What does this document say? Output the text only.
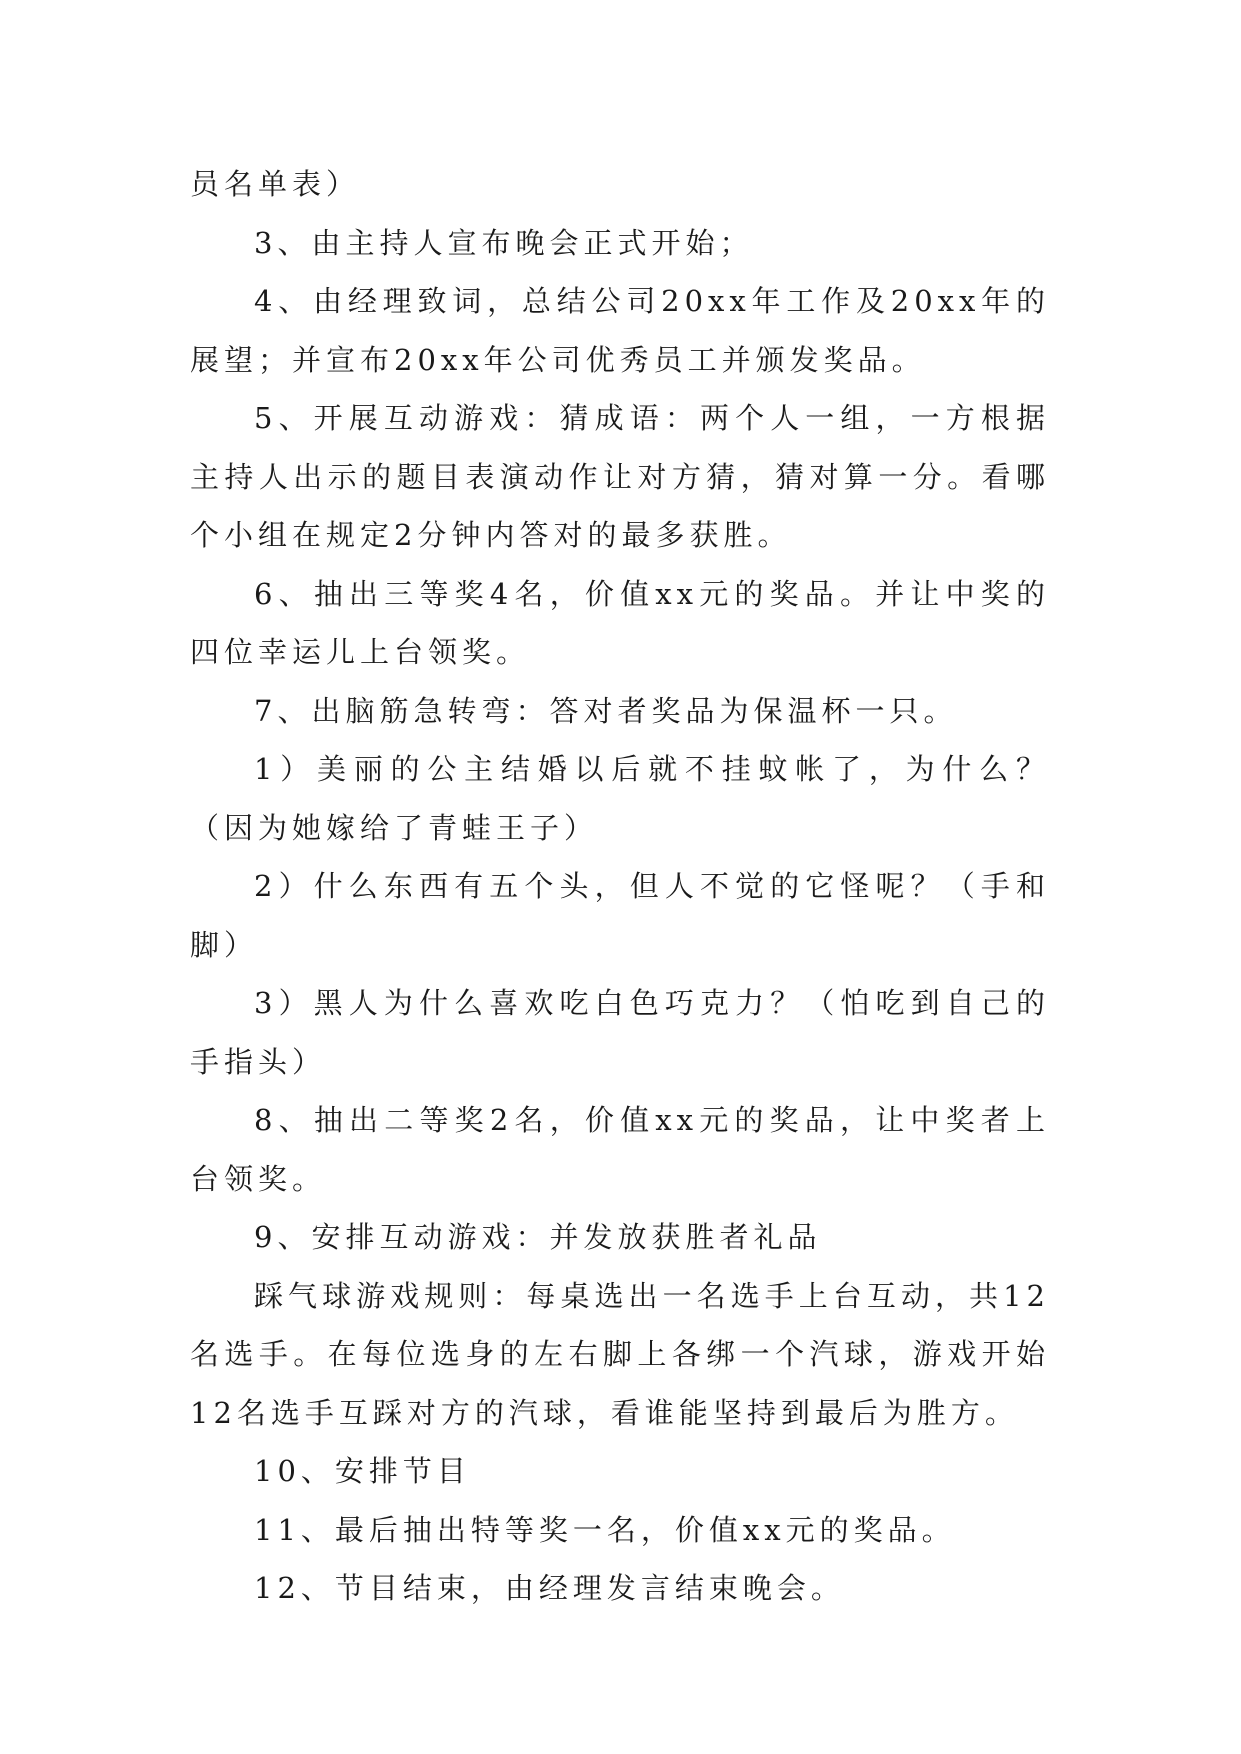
员名单表）

3、由主持人宣布晚会正式开始；

4、由经理致词，总结公司20xx年工作及20xx年的展望；并宣布20xx年公司优秀员工并颁发奖品。

5、开展互动游戏：猜成语：两个人一组，一方根据主持人出示的题目表演动作让对方猜，猜对算一分。看哪个小组在规定2分钟内答对的最多获胜。

6、抽出三等奖4名，价值xx元的奖品。并让中奖的四位幸运儿上台领奖。

7、出脑筋急转弯：答对者奖品为保温杯一只。

1）美丽的公主结婚以后就不挂蚊帐了，为什么？（因为她嫁给了青蛙王子）

2）什么东西有五个头，但人不觉的它怪呢？（手和脚）

3）黑人为什么喜欢吃白色巧克力？（怕吃到自己的手指头）

8、抽出二等奖2名，价值xx元的奖品，让中奖者上台领奖。

9、安排互动游戏：并发放获胜者礼品

踩气球游戏规则：每桌选出一名选手上台互动，共12名选手。在每位选身的左右脚上各绑一个汽球，游戏开始12名选手互踩对方的汽球，看谁能坚持到最后为胜方。

10、安排节目

11、最后抽出特等奖一名，价值xx元的奖品。

12、节目结束，由经理发言结束晚会。
